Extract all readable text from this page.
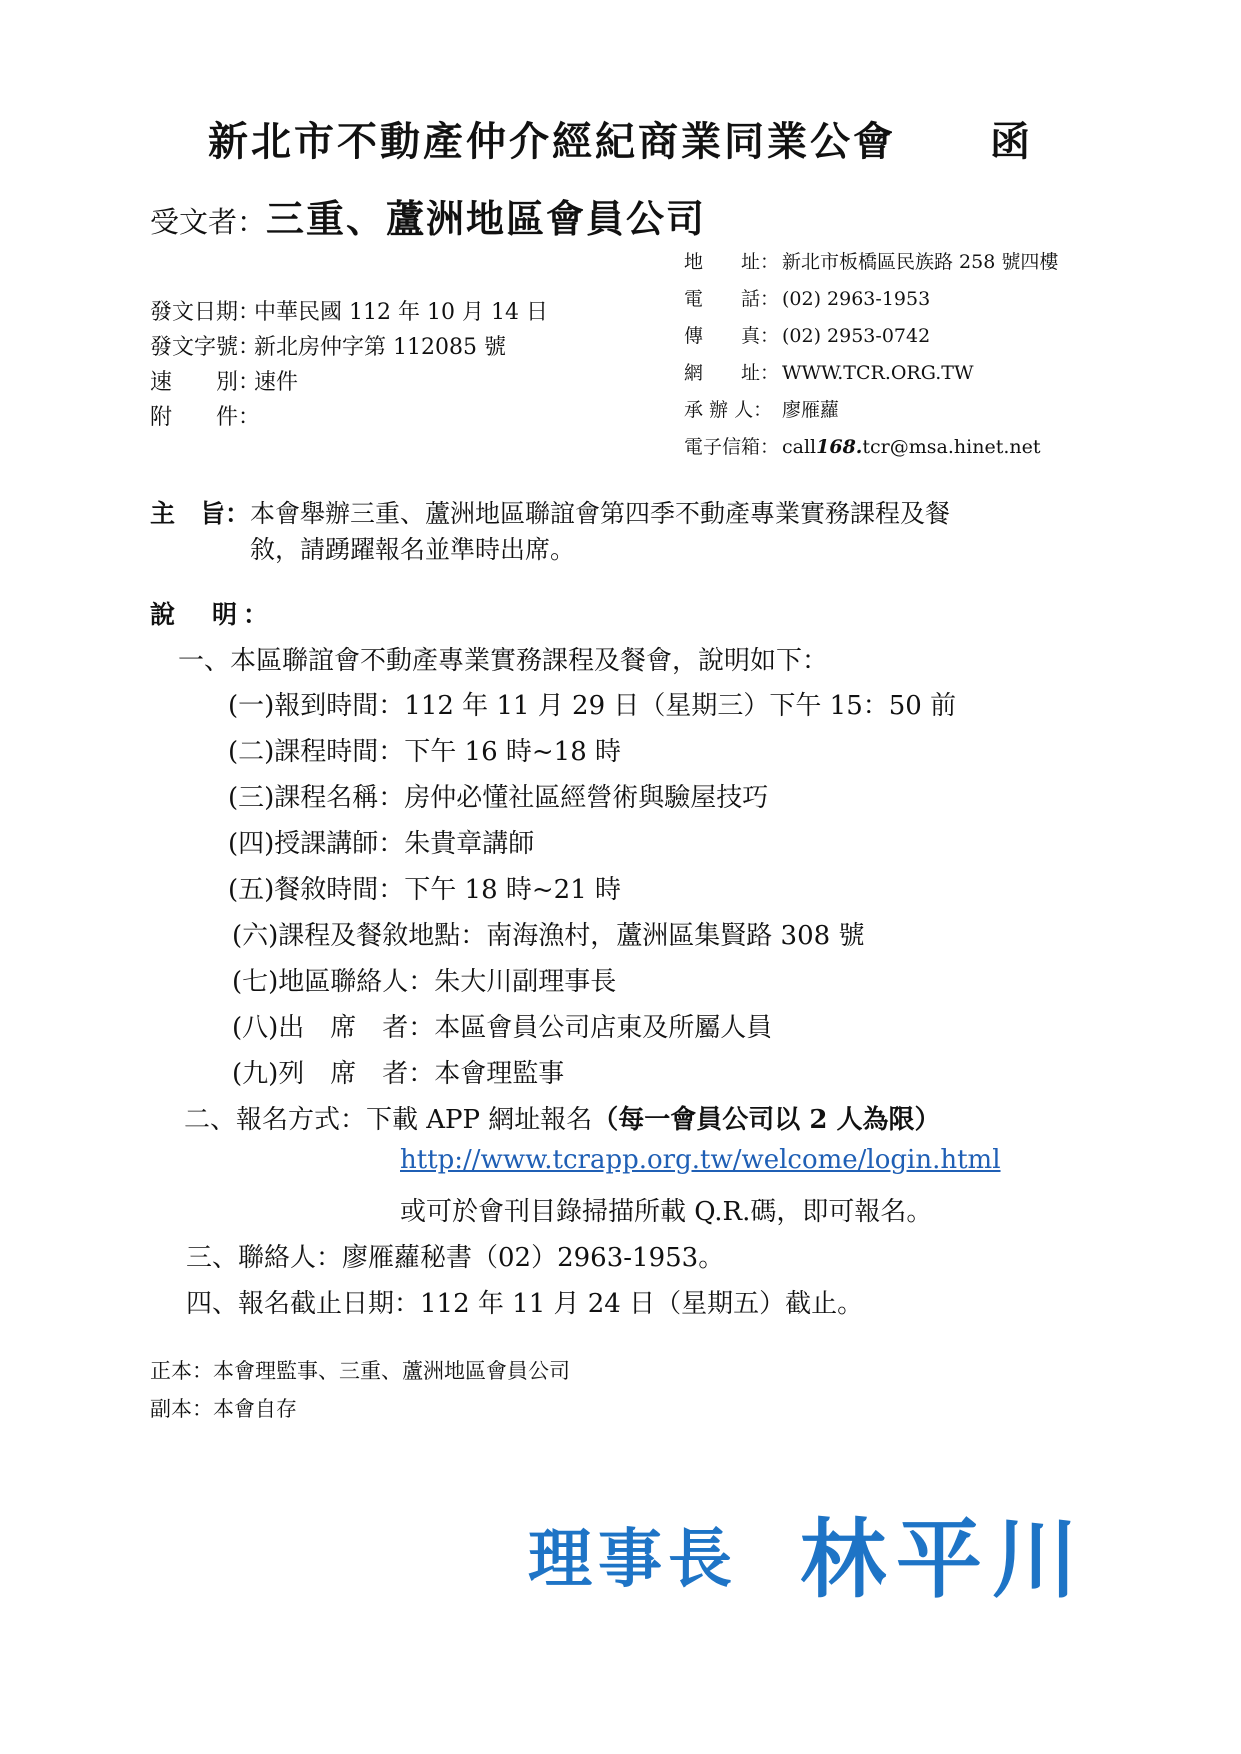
新北市不動產仲介經紀商業同業公會 函
受文者：三重、蘆洲地區會員公司
地　　址： 新北市板橋區民族路 258 號四樓
電　　話： (02) 2963-1953
傳　　真： (02) 2953-0742
網　　址： WWW.TCR.ORG.TW
承 辦 人： 廖雁蘿
電子信箱： call168.tcr@msa.hinet.net
發文日期：中華民國 112 年 10 月 14 日
發文字號：新北房仲字第 112085 號
速　　別：速件
附　　件：
主　旨：本會舉辦三重、蘆洲地區聯誼會第四季不動產專業實務課程及餐
敘，請踴躍報名並準時出席。
說　明：
一、本區聯誼會不動產專業實務課程及餐會，說明如下：
(一)報到時間：112 年 11 月 29 日（星期三）下午 15：50 前
(二)課程時間：下午 16 時~18 時
(三)課程名稱：房仲必懂社區經營術與驗屋技巧
(四)授課講師：朱貴章講師
(五)餐敘時間：下午 18 時~21 時
(六)課程及餐敘地點：南海漁村，蘆洲區集賢路 308 號
(七)地區聯絡人：朱大川副理事長
(八)出　席　者：本區會員公司店東及所屬人員
(九)列　席　者：本會理監事
二、報名方式：下載 APP 網址報名（每一會員公司以 2 人為限）
http://www.tcrapp.org.tw/welcome/login.html
或可於會刊目錄掃描所載 Q.R.碼，即可報名。
三、聯絡人：廖雁蘿秘書（02）2963-1953。
四、報名截止日期：112 年 11 月 24 日（星期五）截止。
正本：本會理監事、三重、蘆洲地區會員公司
副本：本會自存
理事長 林平川
